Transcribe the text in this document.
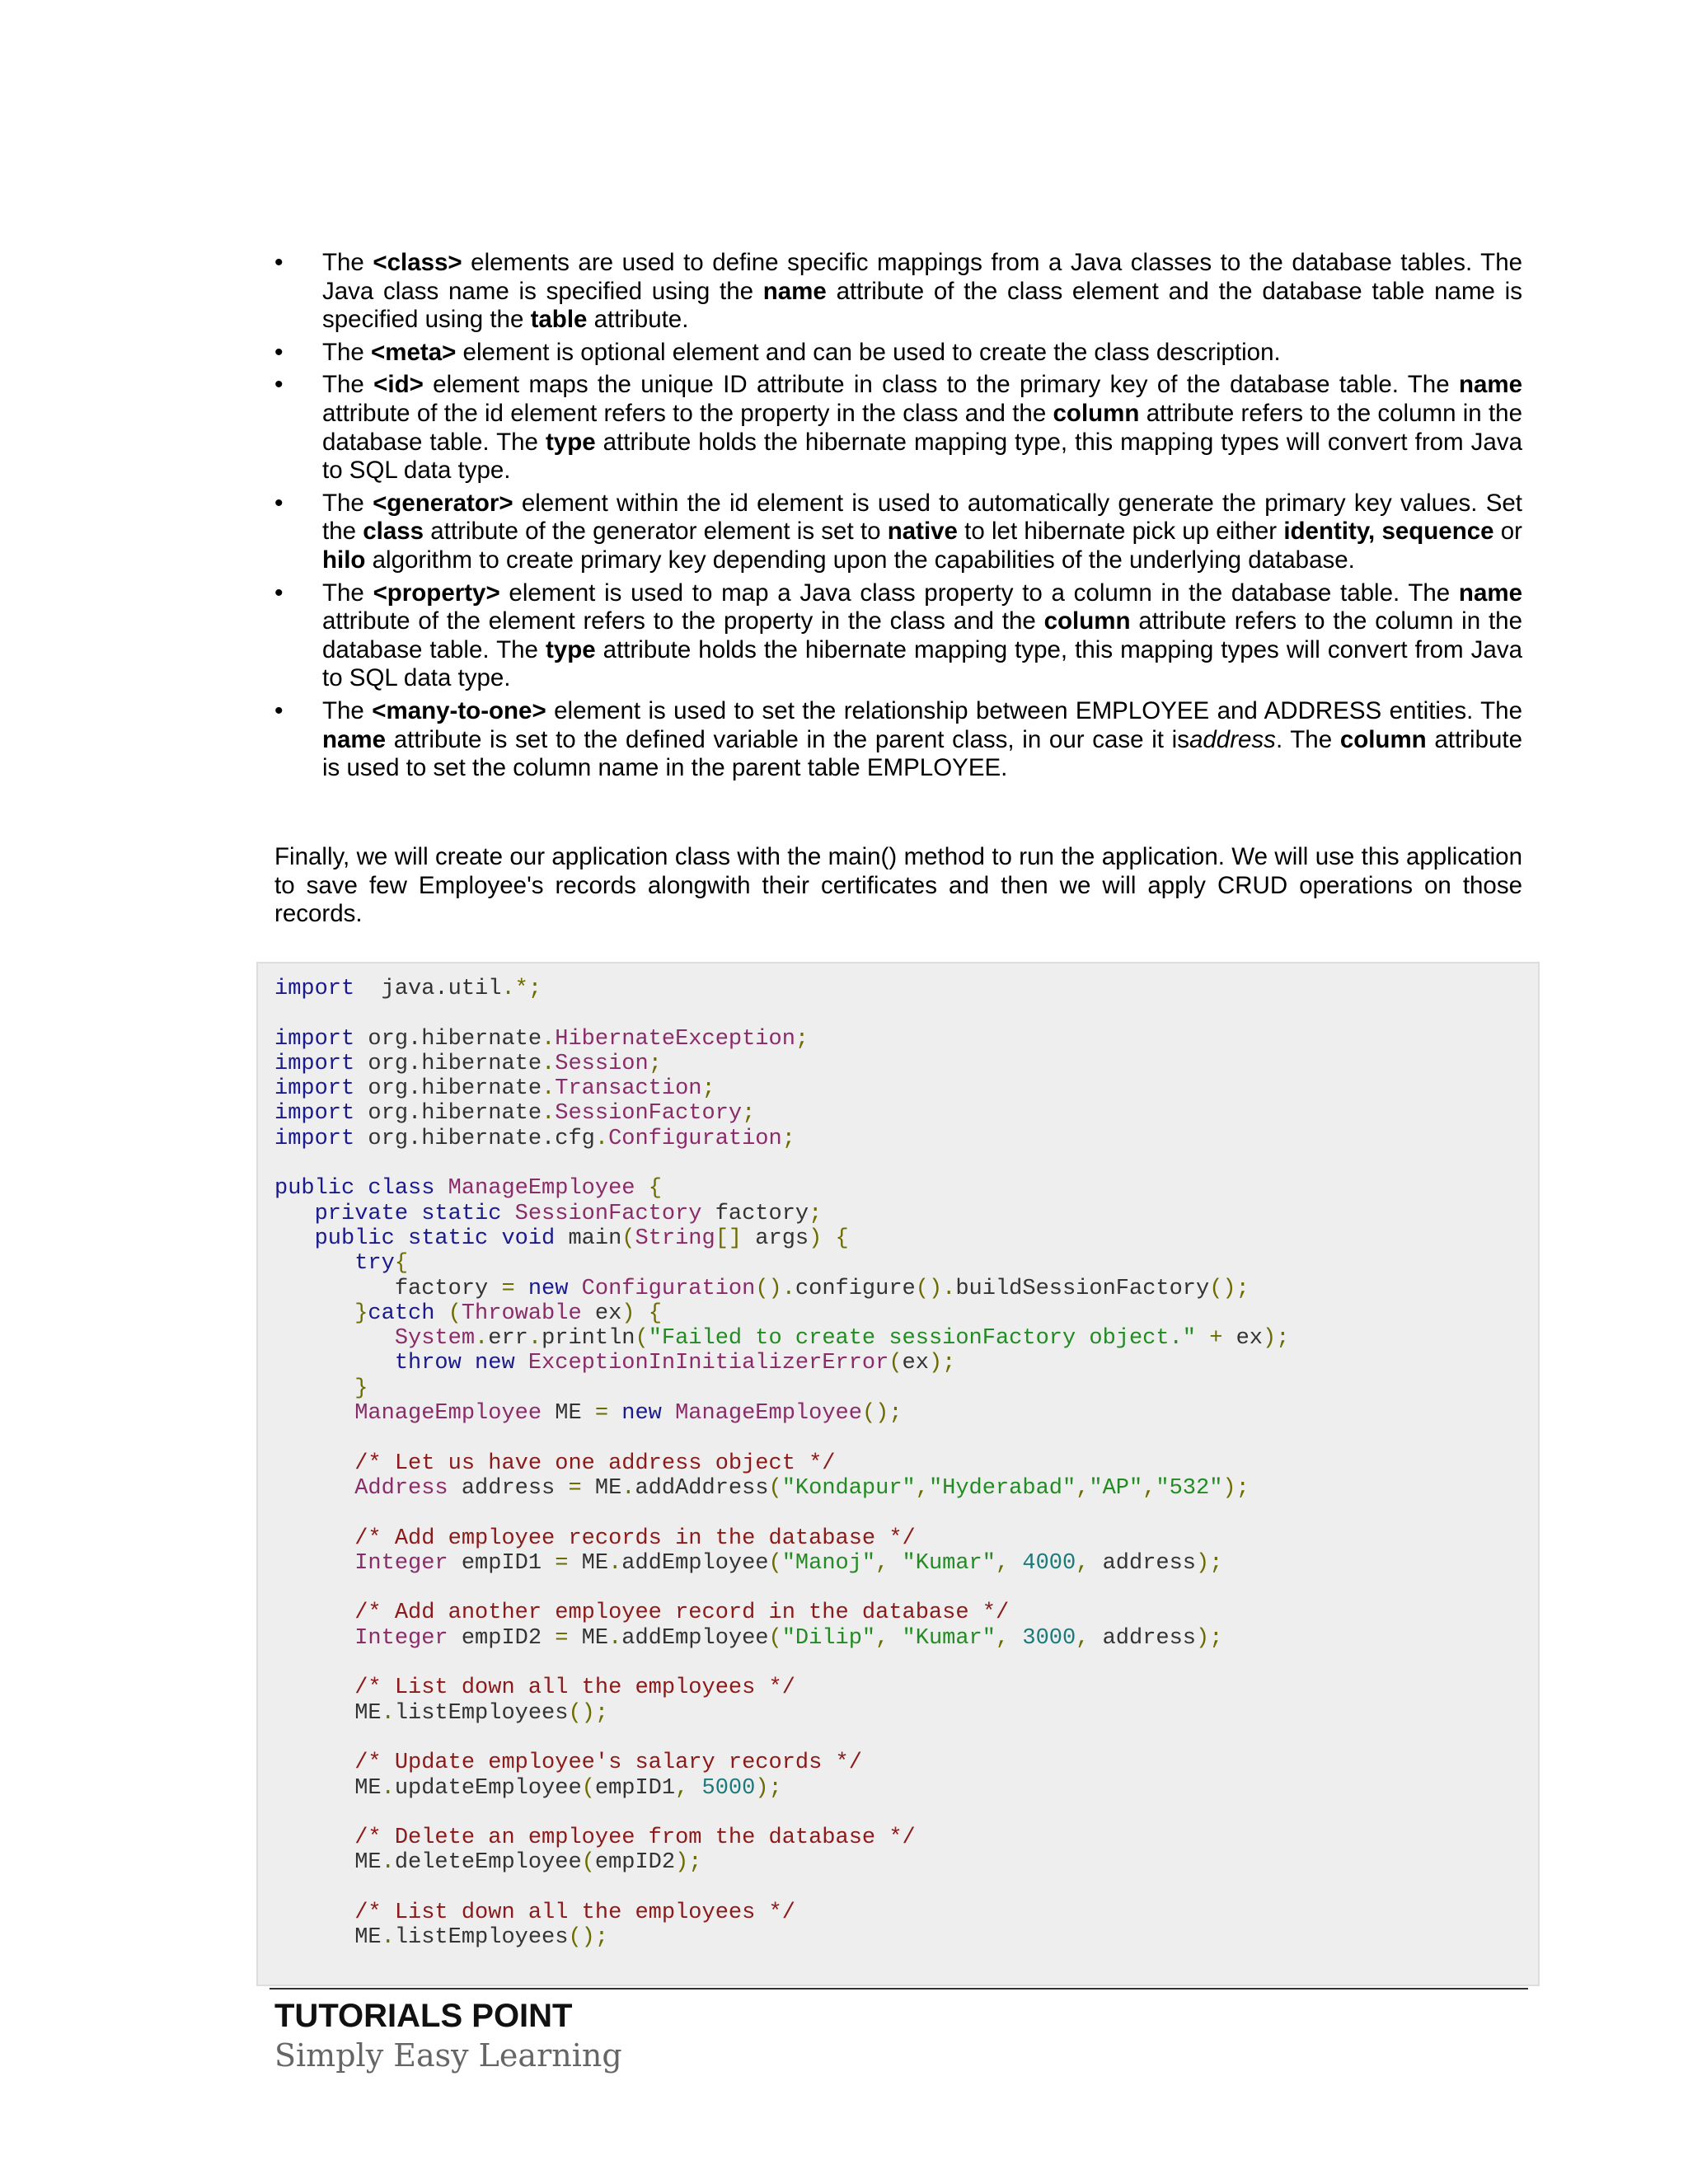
• The <class> elements are used to define specific mappings from a Java classes to the database tables. The Java class name is specified using the name attribute of the class element and the database table name is specified using the table attribute.
• The <meta> element is optional element and can be used to create the class description.
• The <id> element maps the unique ID attribute in class to the primary key of the database table. The name attribute of the id element refers to the property in the class and the column attribute refers to the column in the database table. The type attribute holds the hibernate mapping type, this mapping types will convert from Java to SQL data type.
• The <generator> element within the id element is used to automatically generate the primary key values. Set the class attribute of the generator element is set to native to let hibernate pick up either identity, sequence or hilo algorithm to create primary key depending upon the capabilities of the underlying database.
• The <property> element is used to map a Java class property to a column in the database table. The name attribute of the element refers to the property in the class and the column attribute refers to the column in the database table. The type attribute holds the hibernate mapping type, this mapping types will convert from Java to SQL data type.
• The <many-to-one> element is used to set the relationship between EMPLOYEE and ADDRESS entities. The name attribute is set to the defined variable in the parent class, in our case it isaddress. The column attribute is used to set the column name in the parent table EMPLOYEE.

Finally, we will create our application class with the main() method to run the application. We will use this application to save few Employee's records alongwith their certificates and then we will apply CRUD operations on those records.

import  java.util.*;

import org.hibernate.HibernateException;
import org.hibernate.Session;
import org.hibernate.Transaction;
import org.hibernate.SessionFactory;
import org.hibernate.cfg.Configuration;

public class ManageEmployee {
private static SessionFactory factory;
public static void main(String[] args) {
try{
factory = new Configuration().configure().buildSessionFactory();
}catch (Throwable ex) {
System.err.println("Failed to create sessionFactory object." + ex);
throw new ExceptionInInitializerError(ex);
}
ManageEmployee ME = new ManageEmployee();

/* Let us have one address object */
Address address = ME.addAddress("Kondapur","Hyderabad","AP","532");

/* Add employee records in the database */
Integer empID1 = ME.addEmployee("Manoj", "Kumar", 4000, address);

/* Add another employee record in the database */
Integer empID2 = ME.addEmployee("Dilip", "Kumar", 3000, address);

/* List down all the employees */
ME.listEmployees();

/* Update employee's salary records */
ME.updateEmployee(empID1, 5000);

/* Delete an employee from the database */
ME.deleteEmployee(empID2);

/* List down all the employees */
ME.listEmployees();
TUTORIALS POINT
Simply Easy Learning
